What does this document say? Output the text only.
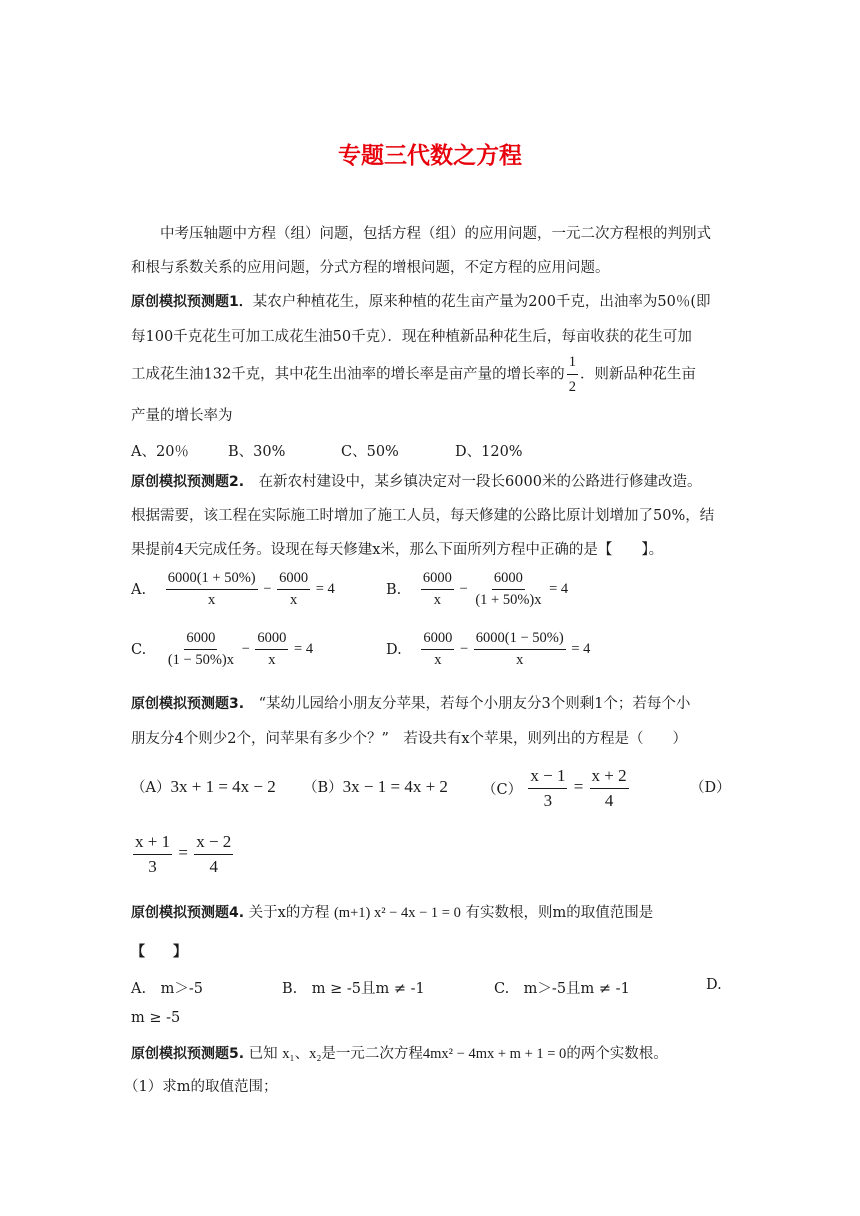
专题三代数之方程
中考压轴题中方程（组）问题，包括方程（组）的应用问题，一元二次方程根的判别式
和根与系数关系的应用问题，分式方程的增根问题，不定方程的应用问题。
原创模拟预测题1．某农户种植花生，原来种植的花生亩产量为200千克，出油率为50％(即
每100千克花生可加工成花生油50千克）．现在种植新品种花生后，每亩收获的花生可加
工成花生油132千克，其中花生出油率的增长率是亩产量的增长率的 $\frac{1}{2}$ ．则新品种花生亩
产量的增长率为
A、20％	B、30%	C、50%	D、120%
原创模拟预测题2.　 在新农村建设中，某乡镇决定对一段长6000米的公路进行修建改造。
根据需要，该工程在实际施工时增加了施工人员，每天修建的公路比原计划增加了50%，结
果提前4天完成任务。设现在每天修建x米，那么下面所列方程中正确的是【　　】。
A. $\frac{6000(1 + 50\%)}{x} - \frac{6000}{x} = 4$	B. $\frac{6000}{x} - \frac{6000}{(1 + 50\%)x} = 4$
C. $\frac{6000}{(1 - 50\%)x} - \frac{6000}{x} = 4$	D. $\frac{6000}{x} - \frac{6000(1 - 50\%)}{x} = 4$
原创模拟预测题3.　 “某幼儿园给小朋友分苹果，若每个小朋友分3个则剩1个；若每个小
朋友分4个则少2个，问苹果有多少个？”　若设共有x个苹果，则列出的方程是（　　）
（A）3x + 1 = 4x − 2 （B）3x − 1 = 4x + 2 $(C) \frac{x - 1}{3} = \frac{x + 2}{4}$	（D）
$\frac{x + 1}{3} = \frac{x - 2}{4}$
原创模拟预测题4. 关于x的方程 (m+1) x² − 4x − 1 = 0 有实数根，则m的取值范围是
【　　】
A.　m＞-5	B.　m ≥ -5且m ≠ -1	C.　m＞-5且m ≠ -1	D.
m ≥ -5
原创模拟预测题5. 已知 x₁、x₂是一元二次方程4mx² − 4mx + m + 1 = 0的两个实数根。
（1）求m的取值范围；
